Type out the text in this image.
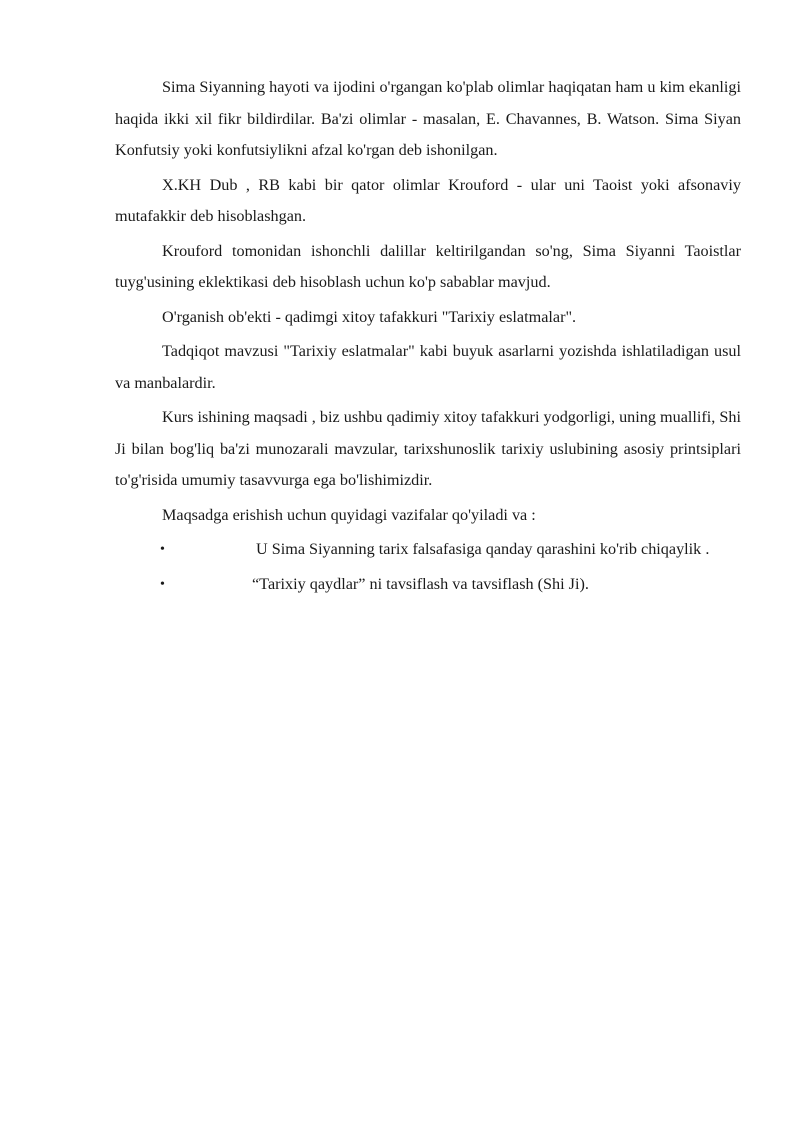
Sima Siyanning hayoti va ijodini o'rgangan ko'plab olimlar haqiqatan ham u kim ekanligi haqida ikki xil fikr bildirdilar. Ba'zi olimlar - masalan, E. Chavannes, B. Watson. Sima Siyan Konfutsiy yoki konfutsiylikni afzal ko'rgan deb ishonilgan.

X.KH Dub , RB kabi bir qator olimlar Krouford - ular uni Taoist yoki afsonaviy mutafakkir deb hisoblashgan.

Krouford tomonidan ishonchli dalillar keltirilgandan so'ng, Sima Siyanni Taoistlar tuyg'usining eklektikasi deb hisoblash uchun ko'p sabablar mavjud.

O'rganish ob'ekti - qadimgi xitoy tafakkuri "Tarixiy eslatmalar".

Tadqiqot mavzusi "Tarixiy eslatmalar" kabi buyuk asarlarni yozishda ishlatiladigan usul va manbalardir.

Kurs ishining maqsadi , biz ushbu qadimiy xitoy tafakkuri yodgorligi, uning muallifi, Shi Ji bilan bog'liq ba'zi munozarali mavzular, tarixshunoslik tarixiy uslubining asosiy printsiplari to'g'risida umumiy tasavvurga ega bo'lishimizdir.

Maqsadga erishish uchun quyidagi vazifalar qo'yiladi va :

•	U Sima Siyanning tarix falsafasiga qanday qarashini ko'rib chiqaylik .
•	“Tarixiy qaydlar” ni tavsiflash va tavsiflash (Shi Ji).
